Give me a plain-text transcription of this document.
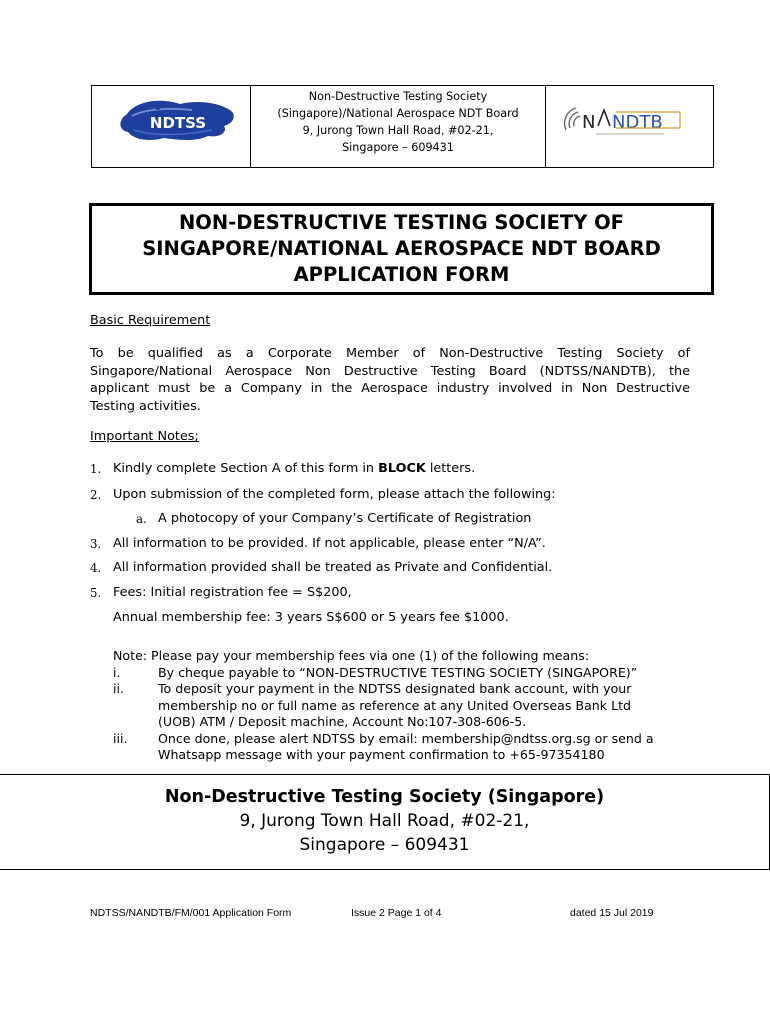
NDTSS
Non-Destructive Testing Society
(Singapore)/National Aerospace NDT Board
9, Jurong Town Hall Road, #02-21,
Singapore – 609431
N NDTB
NON-DESTRUCTIVE TESTING SOCIETY OF
SINGAPORE/NATIONAL AEROSPACE NDT BOARD
APPLICATION FORM
Basic Requirement
To be qualified as a Corporate Member of Non-Destructive Testing Society of
Singapore/National Aerospace Non Destructive Testing Board (NDTSS/NANDTB), the
applicant must be a Company in the Aerospace industry involved in Non Destructive
Testing activities.
Important Notes;
1. Kindly complete Section A of this form in BLOCK letters.
2. Upon submission of the completed form, please attach the following:
a. A photocopy of your Company’s Certificate of Registration
3. All information to be provided. If not applicable, please enter “N/A”.
4. All information provided shall be treated as Private and Confidential.
5. Fees: Initial registration fee = S$200,
Annual membership fee: 3 years S$600 or 5 years fee $1000.
Note: Please pay your membership fees via one (1) of the following means:
i.	By cheque payable to “NON-DESTRUCTIVE TESTING SOCIETY (SINGAPORE)”
ii.	To deposit your payment in the NDTSS designated bank account, with your
membership no or full name as reference at any United Overseas Bank Ltd
(UOB) ATM / Deposit machine, Account No:107-308-606-5.
iii.	Once done, please alert NDTSS by email: membership@ndtss.org.sg or send a
Whatsapp message with your payment confirmation to +65-97354180
Non-Destructive Testing Society (Singapore)
9, Jurong Town Hall Road, #02-21,
Singapore – 609431
NDTSS/NANDTB/FM/001 Application Form	Issue 2 Page 1 of 4	dated 15 Jul 2019
